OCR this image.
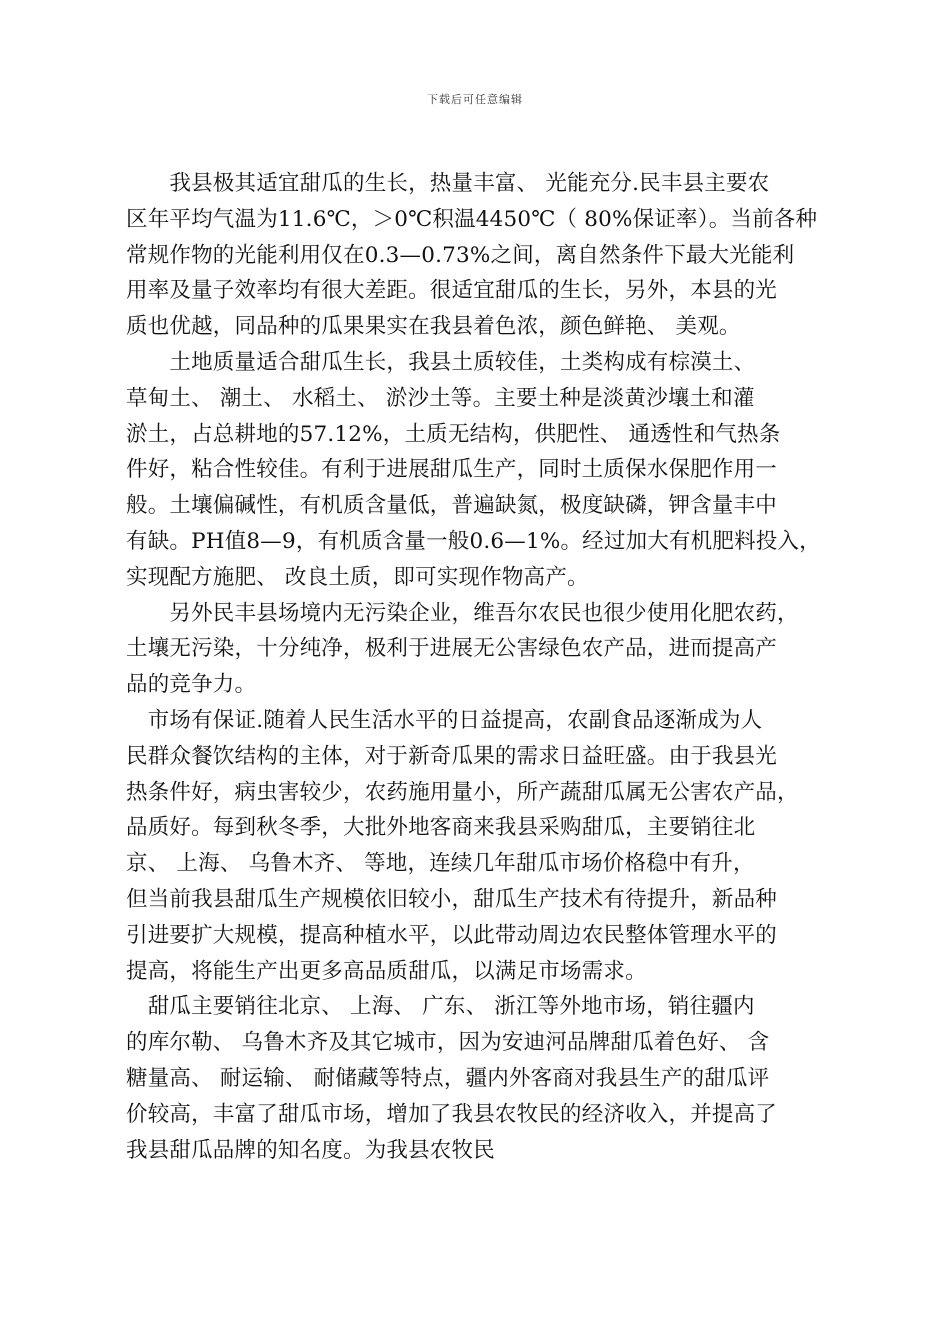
下载后可任意编辑
　　我县极其适宜甜瓜的生长，热量丰富、 光能充分.民丰县主要农
区年平均气温为11.6℃，＞0℃积温4450℃（ 80%保证率）。当前各种
常规作物的光能利用仅在0.3—0.73%之间，离自然条件下最大光能利
用率及量子效率均有很大差距。很适宜甜瓜的生长，另外，本县的光
质也优越，同品种的瓜果果实在我县着色浓，颜色鲜艳、 美观。
　　土地质量适合甜瓜生长，我县土质较佳，土类构成有棕漠土、
草甸土、 潮土、 水稻土、 淤沙土等。主要土种是淡黄沙壤土和灌
淤土，占总耕地的57.12%，土质无结构，供肥性、 通透性和气热条
件好，粘合性较佳。有利于进展甜瓜生产，同时土质保水保肥作用一
般。土壤偏碱性，有机质含量低，普遍缺氮，极度缺磷，钾含量丰中
有缺。PH值8—9，有机质含量一般0.6—1%。经过加大有机肥料投入，
实现配方施肥、 改良土质，即可实现作物高产。
　　另外民丰县场境内无污染企业，维吾尔农民也很少使用化肥农药，
土壤无污染，十分纯净，极利于进展无公害绿色农产品，进而提高产
品的竞争力。
　市场有保证.随着人民生活水平的日益提高，农副食品逐渐成为人
民群众餐饮结构的主体，对于新奇瓜果的需求日益旺盛。由于我县光
热条件好，病虫害较少，农药施用量小，所产蔬甜瓜属无公害农产品，
品质好。每到秋冬季，大批外地客商来我县采购甜瓜，主要销往北
京、 上海、 乌鲁木齐、 等地，连续几年甜瓜市场价格稳中有升，
但当前我县甜瓜生产规模依旧较小，甜瓜生产技术有待提升，新品种
引进要扩大规模，提高种植水平，以此带动周边农民整体管理水平的
提高，将能生产出更多高品质甜瓜，以满足市场需求。
　甜瓜主要销往北京、 上海、 广东、 浙江等外地市场，销往疆内
的库尔勒、 乌鲁木齐及其它城市，因为安迪河品牌甜瓜着色好、 含
糖量高、 耐运输、 耐储藏等特点，疆内外客商对我县生产的甜瓜评
价较高，丰富了甜瓜市场，增加了我县农牧民的经济收入，并提高了
我县甜瓜品牌的知名度。为我县农牧民
